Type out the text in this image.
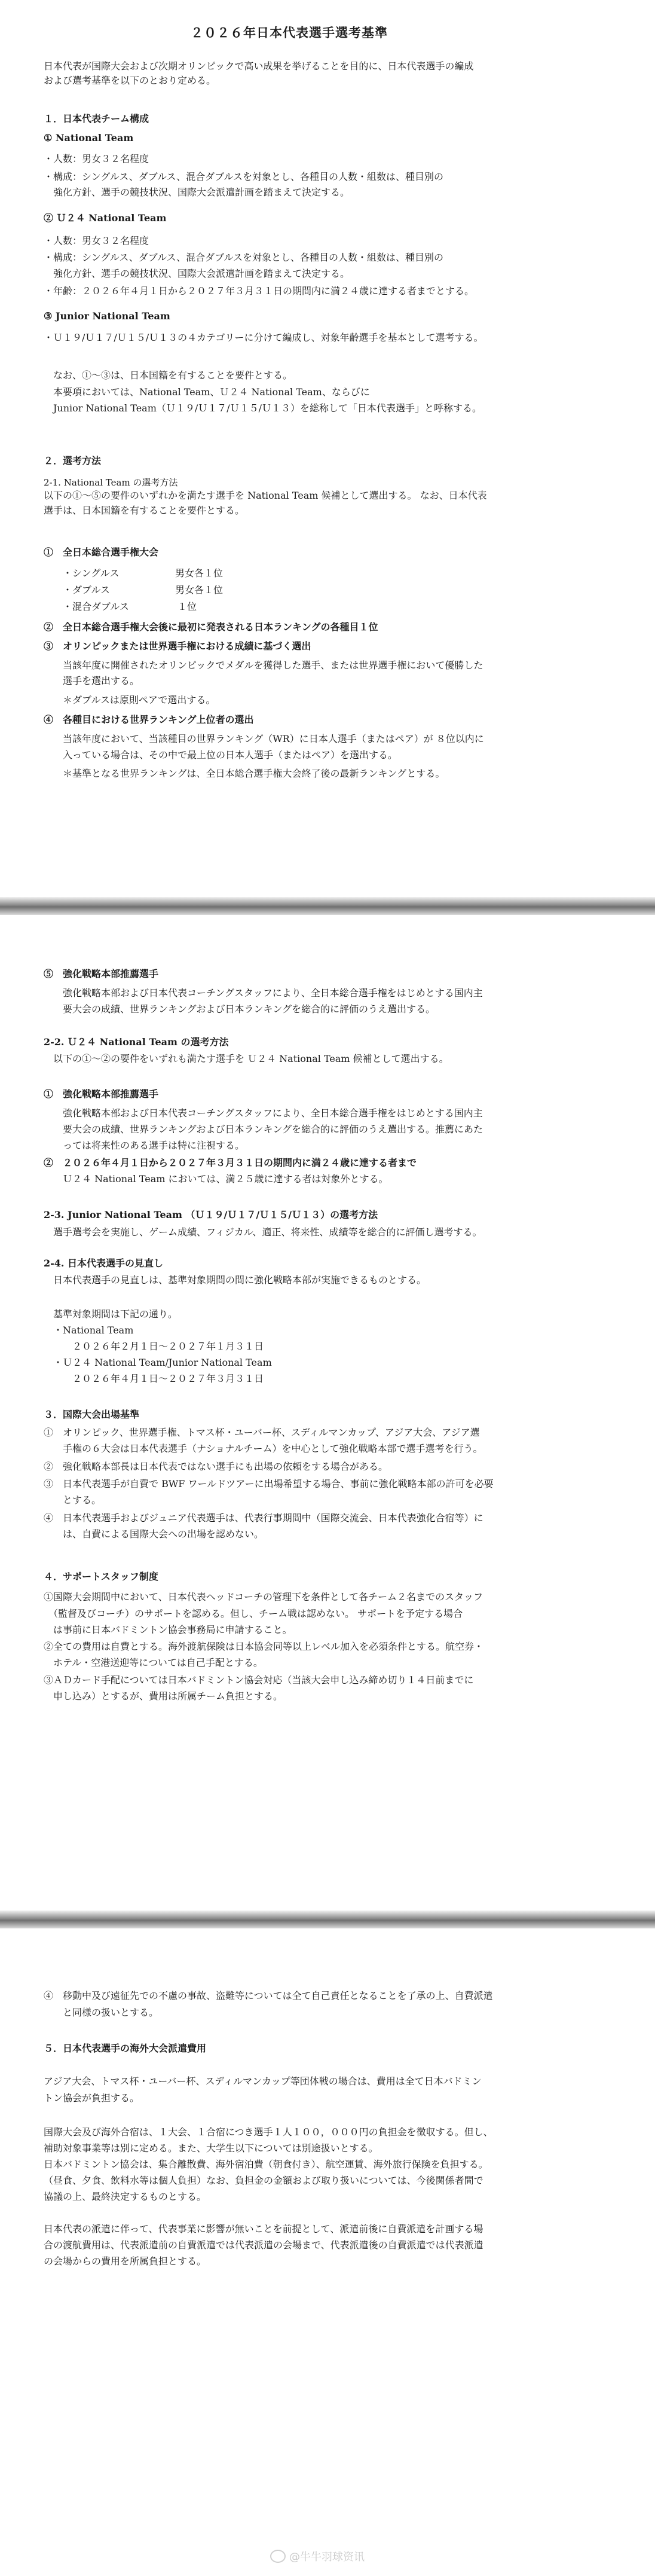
２０２６年日本代表選手選考基準
日本代表が国際大会および次期オリンピックで高い成果を挙げることを目的に、日本代表選手の編成
および選考基準を以下のとおり定める。
１．日本代表チーム構成
① National Team
・人数：男女３２名程度
・構成：シングルス、ダブルス、混合ダブルスを対象とし、各種目の人数・組数は、種目別の
　強化方針、選手の競技状況、国際大会派遣計画を踏まえて決定する。
② Ｕ２４ National Team
・人数：男女３２名程度
・構成：シングルス、ダブルス、混合ダブルスを対象とし、各種目の人数・組数は、種目別の
　強化方針、選手の競技状況、国際大会派遣計画を踏まえて決定する。
・年齢：２０２６年４月１日から２０２７年３月３１日の期間内に満２４歳に達する者までとする。
③ Junior National Team
・Ｕ１９/Ｕ１７/Ｕ１５/Ｕ１３の４カテゴリーに分けて編成し、対象年齢選手を基本として選考する。
　なお、①～③は、日本国籍を有することを要件とする。
　本要項においては、National Team、Ｕ２４ National Team、ならびに
　Junior National Team（Ｕ１９/Ｕ１７/Ｕ１５/Ｕ１３）を総称して「日本代表選手」と呼称する。
２．選考方法
2-1. National Team の選考方法
以下の①～⑤の要件のいずれかを満たす選手を National Team 候補として選出する。 なお、日本代表
選手は、日本国籍を有することを要件とする。
①　全日本総合選手権大会
・シングルス	男女各１位
・ダブルス	男女各１位
・混合ダブルス	１位
②　全日本総合選手権大会後に最初に発表される日本ランキングの各種目１位
③　オリンピックまたは世界選手権における成績に基づく選出
　　当該年度に開催されたオリンピックでメダルを獲得した選手、または世界選手権において優勝した
　　選手を選出する。
　　＊ダブルスは原則ペアで選出する。
④　各種目における世界ランキング上位者の選出
　　当該年度において、当該種目の世界ランキング（WR）に日本人選手（またはペア）が ８位以内に
　　入っている場合は、その中で最上位の日本人選手（またはペア）を選出する。
　　＊基準となる世界ランキングは、全日本総合選手権大会終了後の最新ランキングとする。
⑤　強化戦略本部推薦選手
　　強化戦略本部および日本代表コーチングスタッフにより、全日本総合選手権をはじめとする国内主
　　要大会の成績、世界ランキングおよび日本ランキングを総合的に評価のうえ選出する。
2-2. Ｕ２４ National Team の選考方法
　以下の①～②の要件をいずれも満たす選手を Ｕ２４ National Team 候補として選出する。
①　強化戦略本部推薦選手
　　強化戦略本部および日本代表コーチングスタッフにより、全日本総合選手権をはじめとする国内主
　　要大会の成績、世界ランキングおよび日本ランキングを総合的に評価のうえ選出する。推薦にあた
　　っては将来性のある選手は特に注視する。
②　２０２６年４月１日から２０２７年３月３１日の期間内に満２４歳に達する者まで
　　Ｕ２４ National Team においては、満２５歳に達する者は対象外とする。
2-3. Junior National Team （Ｕ１９/Ｕ１７/Ｕ１５/Ｕ１３）の選考方法
　選手選考会を実施し、ゲーム成績、フィジカル、適正、将来性、成績等を総合的に評価し選考する。
2-4. 日本代表選手の見直し
　日本代表選手の見直しは、基準対象期間の間に強化戦略本部が実施できるものとする。
　基準対象期間は下記の通り。
　・National Team
　　　２０２６年２月１日～２０２７年１月３１日
　・Ｕ２４ National Team/Junior National Team
　　　２０２６年４月１日～２０２７年３月３１日
３．国際大会出場基準
①　オリンピック、世界選手権、トマス杯・ユーバー杯、スディルマンカップ、アジア大会、アジア選
　　手権の６大会は日本代表選手（ナショナルチーム）を中心として強化戦略本部で選手選考を行う。
②　強化戦略本部長は日本代表ではない選手にも出場の依頼をする場合がある。
③　日本代表選手が自費で BWF ワールドツアーに出場希望する場合、事前に強化戦略本部の許可を必要
　　とする。
④　日本代表選手およびジュニア代表選手は、代表行事期間中（国際交流会、日本代表強化合宿等）に
　　は、自費による国際大会への出場を認めない。
４．サポートスタッフ制度
①国際大会期間中において、日本代表ヘッドコーチの管理下を条件として各チーム２名までのスタッフ
　（監督及びコーチ）のサポートを認める。但し、チーム戦は認めない。 サポートを予定する場合
　は事前に日本バドミントン協会事務局に申請すること。
②全ての費用は自費とする。海外渡航保険は日本協会同等以上レベル加入を必須条件とする。航空券・
　ホテル・空港送迎等については自己手配とする。
③ＡＤカード手配については日本バドミントン協会対応（当該大会申し込み締め切り１４日前までに
　申し込み）とするが、費用は所属チーム負担とする。
④　移動中及び遠征先での不慮の事故、盗難等については全て自己責任となることを了承の上、自費派遣
　　と同様の扱いとする。
５．日本代表選手の海外大会派遣費用
アジア大会、トマス杯・ユーバー杯、スディルマンカップ等団体戦の場合は、費用は全て日本バドミン
トン協会が負担する。
国際大会及び海外合宿は、１大会、１合宿につき選手１人１００，０００円の負担金を徴収する。但し、
補助対象事業等は別に定める。また、大学生以下については別途扱いとする。
日本バドミントン協会は、集合離散費、海外宿泊費（朝食付き）、航空運賃、海外旅行保険を負担する。
（昼食、夕食、飲料水等は個人負担）なお、負担金の金額および取り扱いについては、今後関係者間で
協議の上、最終決定するものとする。
日本代表の派遣に伴って、代表事業に影響が無いことを前提として、派遣前後に自費派遣を計画する場
合の渡航費用は、代表派遣前の自費派遣では代表派遣の会場まで、代表派遣後の自費派遣では代表派遣
の会場からの費用を所属負担とする。
@牛牛羽球资讯
